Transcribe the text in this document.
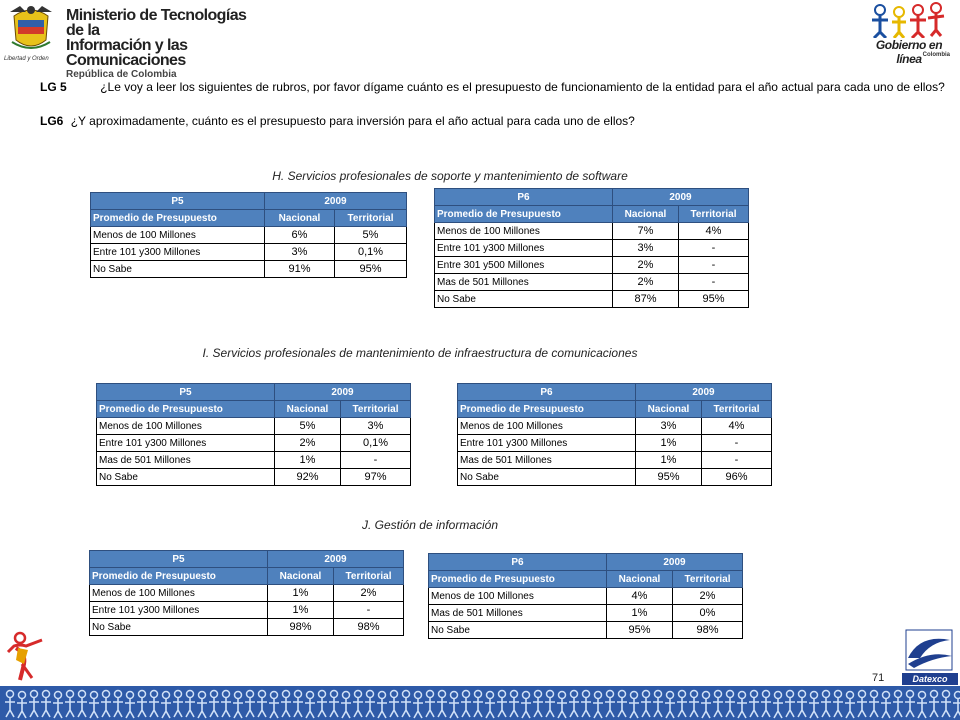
Libertad y Orden
Ministerio de Tecnologías de la
Información y las Comunicaciones
República de Colombia
Gobierno en línea Colombia
LG 5	¿Le voy a leer los siguientes de rubros, por favor dígame cuánto es el presupuesto de funcionamiento de la entidad para el año actual para cada uno de ellos?
LG6 ¿Y aproximadamente, cuánto es el presupuesto para inversión para el año actual para cada uno de ellos?
H. Servicios profesionales de soporte y mantenimiento de software
P5	2009	
Promedio de Presupuesto	Nacional	Territorial
Menos de 100 Millones	6%	5%
Entre 101 y300 Millones	3%	0,1%
No Sabe	91%	95%
P6	2009	
Promedio de Presupuesto	Nacional	Territorial
Menos de 100 Millones	7%	4%
Entre 101 y300 Millones	3%	-
Entre 301 y500 Millones	2%	-
Mas de 501 Millones	2%	-
No Sabe	87%	95%
I. Servicios profesionales de mantenimiento de infraestructura de comunicaciones
P5	2009	
Promedio de Presupuesto	Nacional	Territorial
Menos de 100 Millones	5%	3%
Entre 101 y300 Millones	2%	0,1%
Mas de 501 Millones	1%	-
No Sabe	92%	97%
P6	2009	
Promedio de Presupuesto	Nacional	Territorial
Menos de 100 Millones	3%	4%
Entre 101 y300 Millones	1%	-
Mas de 501 Millones	1%	-
No Sabe	95%	96%
J. Gestión de información
P5	2009	
Promedio de Presupuesto	Nacional	Territorial
Menos de 100 Millones	1%	2%
Entre 101 y300 Millones	1%	-
No Sabe	98%	98%
P6	2009	
Promedio de Presupuesto	Nacional	Territorial
Menos de 100 Millones	4%	2%
Mas de 501 Millones	1%	0%
No Sabe	95%	98%
71	Datexco
